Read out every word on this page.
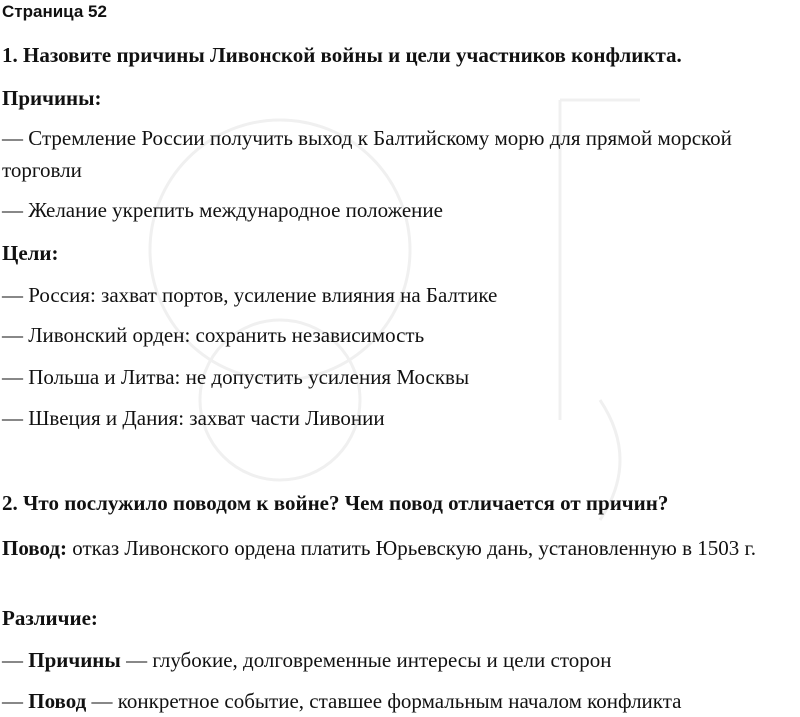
Страница 52
1. Назовите причины Ливонской войны и цели участников конфликта.
Причины:
— Стремление России получить выход к Балтийскому морю для прямой морской торговли
— Желание укрепить международное положение
Цели:
— Россия: захват портов, усиление влияния на Балтике
— Ливонский орден: сохранить независимость
— Польша и Литва: не допустить усиления Москвы
— Швеция и Дания: захват части Ливонии
2. Что послужило поводом к войне? Чем повод отличается от причин?
Повод: отказ Ливонского ордена платить Юрьевскую дань, установленную в 1503 г.
Различие:
— Причины — глубокие, долговременные интересы и цели сторон
— Повод — конкретное событие, ставшее формальным началом конфликта
